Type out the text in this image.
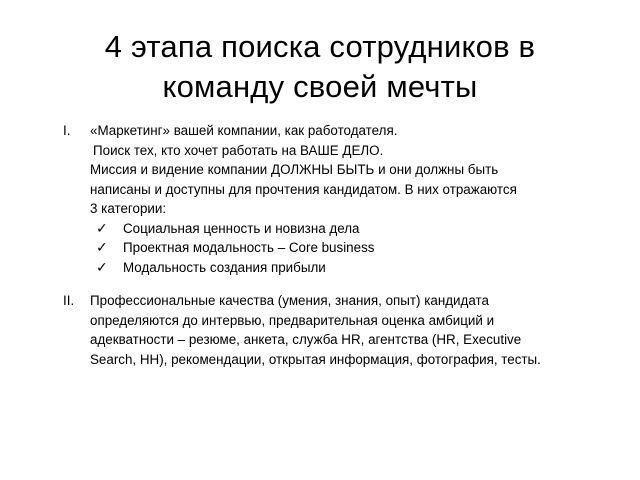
4 этапа поиска сотрудников в
команду своей мечты
I. «Маркетинг» вашей компании, как работодателя.
Поиск тех, кто хочет работать на ВАШЕ ДЕЛО.
Миссия и видение компании ДОЛЖНЫ БЫТЬ и они должны быть
написаны и доступны для прочтения кандидатом. В них отражаются
3 категории:
✓	Социальная ценность и новизна дела
✓	Проектная модальность – Core business
✓	Модальность создания прибыли
II. Профессиональные качества (умения, знания, опыт) кандидата
определяются до интервью, предварительная оценка амбиций и
адекватности – резюме, анкета, служба HR, агентства (HR, Executive
Search, HH), рекомендации, открытая информация, фотография, тесты.
